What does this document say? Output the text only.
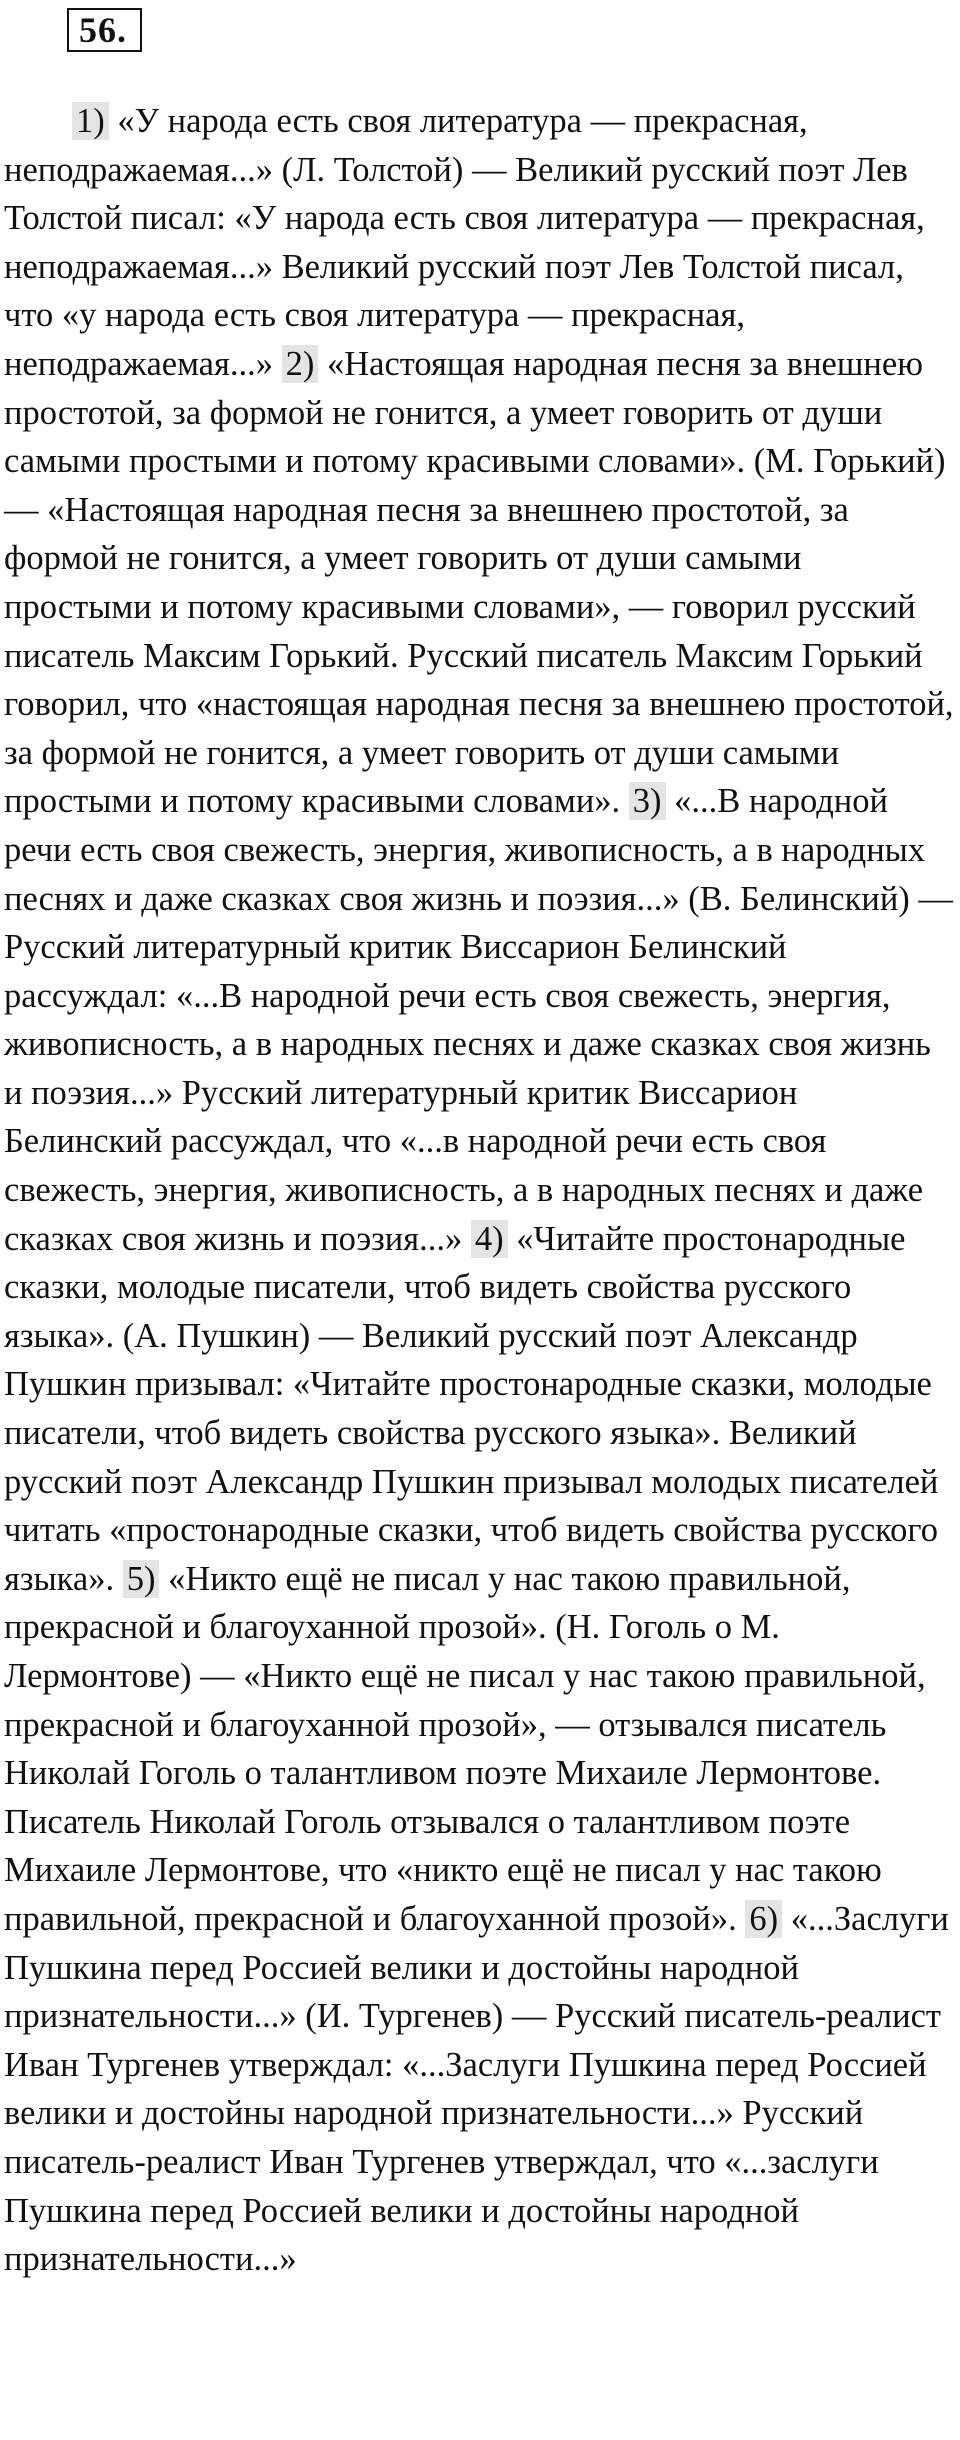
56.

1) «У народа есть своя литература — прекрасная, неподражаемая...» (Л. Толстой) — Великий русский поэт Лев Толстой писал: «У народа есть своя литература — прекрасная, неподражаемая...» Великий русский поэт Лев Толстой писал, что «у народа есть своя литература — прекрасная, неподражаемая...» 2) «Настоящая народная песня за внешнею простотой, за формой не гонится, а умеет говорить от души самыми простыми и потому красивыми словами». (М. Горький) — «Настоящая народная песня за внешнею простотой, за формой не гонится, а умеет говорить от души самыми простыми и потому красивыми словами», — говорил русский писатель Максим Горький. Русский писатель Максим Горький говорил, что «настоящая народная песня за внешнею простотой, за формой не гонится, а умеет говорить от души самыми простыми и потому красивыми словами». 3) «...В народной речи есть своя свежесть, энергия, живописность, а в народных песнях и даже сказках своя жизнь и поэзия...» (В. Белинский) — Русский литературный критик Виссарион Белинский рассуждал: «...В народной речи есть своя свежесть, энергия, живописность, а в народных песнях и даже сказках своя жизнь и поэзия...» Русский литературный критик Виссарион Белинский рассуждал, что «...в народной речи есть своя свежесть, энергия, живописность, а в народных песнях и даже сказках своя жизнь и поэзия...» 4) «Читайте простонародные сказки, молодые писатели, чтоб видеть свойства русского языка». (А. Пушкин) — Великий русский поэт Александр Пушкин призывал: «Читайте простонародные сказки, молодые писатели, чтоб видеть свойства русского языка». Великий русский поэт Александр Пушкин призывал молодых писателей читать «простонародные сказки, чтоб видеть свойства русского языка». 5) «Никто ещё не писал у нас такою правильной, прекрасной и благоуханной прозой». (Н. Гоголь о М. Лермонтове) — «Никто ещё не писал у нас такою правильной, прекрасной и благоуханной прозой», — отзывался писатель Николай Гоголь о талантливом поэте Михаиле Лермонтове. Писатель Николай Гоголь отзывался о талантливом поэте Михаиле Лермонтове, что «никто ещё не писал у нас такою правильной, прекрасной и благоуханной прозой». 6) «...Заслуги Пушкина перед Россией велики и достойны народной признательности...» (И. Тургенев) — Русский писатель-реалист Иван Тургенев утверждал: «...Заслуги Пушкина перед Россией велики и достойны народной признательности...» Русский писатель-реалист Иван Тургенев утверждал, что «...заслуги Пушкина перед Россией велики и достойны народной признательности...»
